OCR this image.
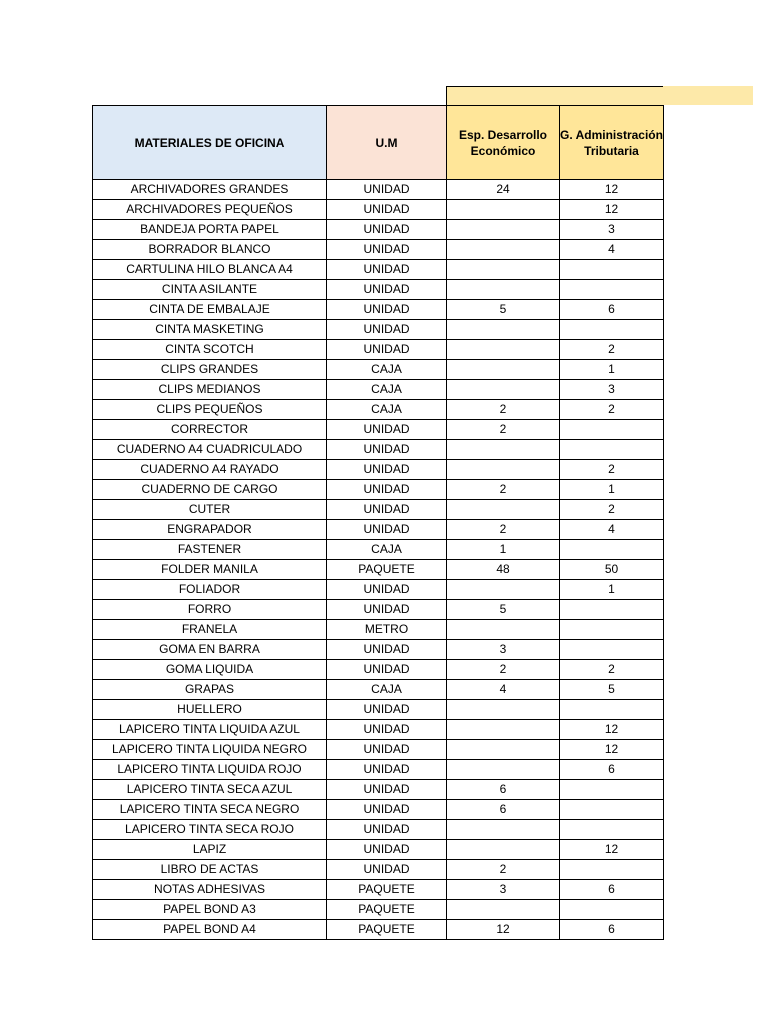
MATERIALES DE OFICINA	U.M	Esp. Desarrollo Económico	G. Administración Tributaria
ARCHIVADORES GRANDES	UNIDAD	24	12
ARCHIVADORES PEQUEÑOS	UNIDAD		12
BANDEJA PORTA PAPEL	UNIDAD		3
BORRADOR BLANCO	UNIDAD		4
CARTULINA HILO BLANCA A4	UNIDAD		
CINTA ASILANTE	UNIDAD		
CINTA DE EMBALAJE	UNIDAD	5	6
CINTA MASKETING	UNIDAD		
CINTA SCOTCH	UNIDAD		2
CLIPS GRANDES	CAJA		1
CLIPS MEDIANOS	CAJA		3
CLIPS PEQUEÑOS	CAJA	2	2
CORRECTOR	UNIDAD	2	
CUADERNO A4 CUADRICULADO	UNIDAD		
CUADERNO A4 RAYADO	UNIDAD		2
CUADERNO DE CARGO	UNIDAD	2	1
CUTER	UNIDAD		2
ENGRAPADOR	UNIDAD	2	4
FASTENER	CAJA	1	
FOLDER MANILA	PAQUETE	48	50
FOLIADOR	UNIDAD		1
FORRO	UNIDAD	5	
FRANELA	METRO		
GOMA EN BARRA	UNIDAD	3	
GOMA LIQUIDA	UNIDAD	2	2
GRAPAS	CAJA	4	5
HUELLERO	UNIDAD		
LAPICERO TINTA LIQUIDA AZUL	UNIDAD		12
LAPICERO TINTA LIQUIDA NEGRO	UNIDAD		12
LAPICERO TINTA LIQUIDA ROJO	UNIDAD		6
LAPICERO TINTA SECA AZUL	UNIDAD	6	
LAPICERO TINTA SECA NEGRO	UNIDAD	6	
LAPICERO TINTA SECA ROJO	UNIDAD		
LAPIZ	UNIDAD		12
LIBRO DE ACTAS	UNIDAD	2	
NOTAS ADHESIVAS	PAQUETE	3	6
PAPEL BOND A3	PAQUETE		
PAPEL BOND A4	PAQUETE	12	6
